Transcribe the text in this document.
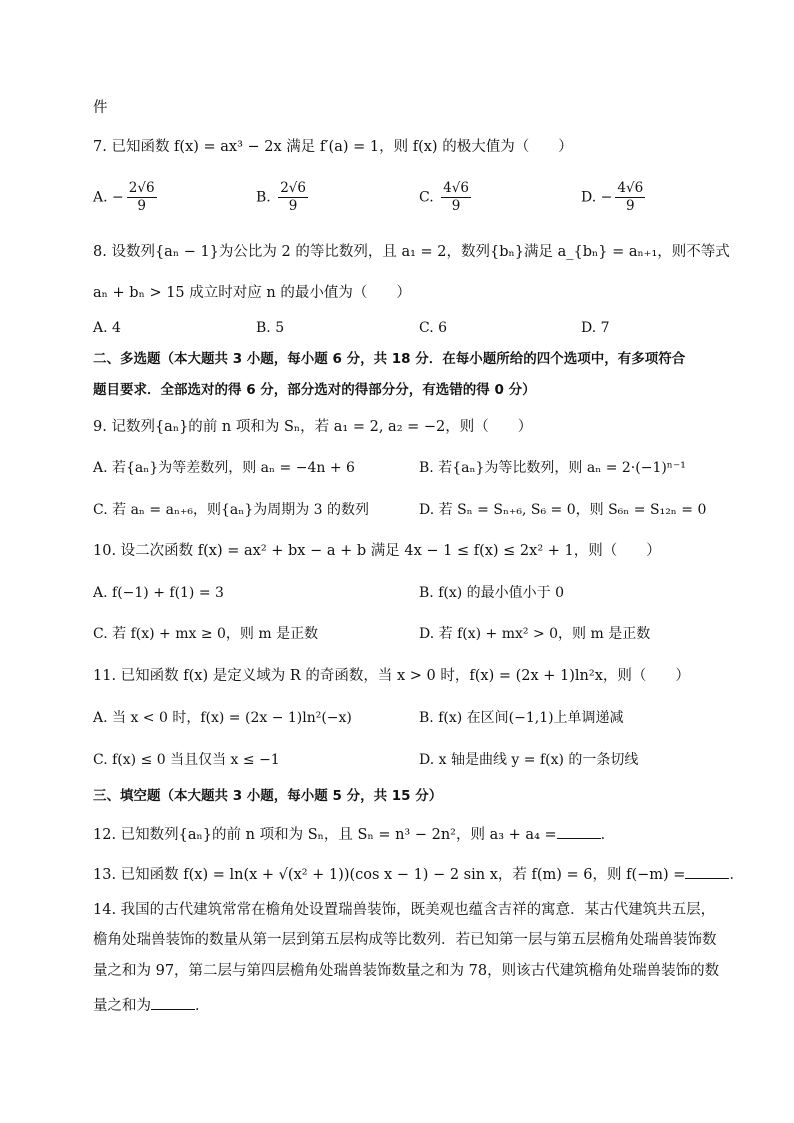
件
7. 已知函数 f(x) = ax³ − 2x 满足 f′(a) = 1，则 f(x) 的极大值为（　　）
A. − $\frac{2√6}{9}$	B. $\frac{2√6}{9}$	C. $\frac{4√6}{9}$	D. − $\frac{4√6}{9}$
8. 设数列{aₙ − 1}为公比为 2 的等比数列，且 a₁ = 2，数列{bₙ}满足 a_{bₙ} = aₙ₊₁，则不等式
aₙ + bₙ > 15 成立时对应 n 的最小值为（　　）
A. 4	B. 5	C. 6	D. 7
二、多选题（本大题共 3 小题，每小题 6 分，共 18 分．在每小题所给的四个选项中，有多项符合
题目要求．全部选对的得 6 分，部分选对的得部分分，有选错的得 0 分）
9. 记数列{aₙ}的前 n 项和为 Sₙ，若 a₁ = 2, a₂ = −2，则（　　）
A. 若{aₙ}为等差数列，则 aₙ = −4n + 6	B. 若{aₙ}为等比数列，则 aₙ = 2·(−1)ⁿ⁻¹
C. 若 aₙ = aₙ₊₆，则{aₙ}为周期为 3 的数列	D. 若 Sₙ = Sₙ₊₆, S₆ = 0，则 S₆ₙ = S₁₂ₙ = 0
10. 设二次函数 f(x) = ax² + bx − a + b 满足 4x − 1 ≤ f(x) ≤ 2x² + 1，则（　　）
A. f(−1) + f(1) = 3	B. f(x) 的最小值小于 0
C. 若 f(x) + mx ≥ 0，则 m 是正数	D. 若 f(x) + mx² > 0，则 m 是正数
11. 已知函数 f(x) 是定义域为 R 的奇函数，当 x > 0 时，f(x) = (2x + 1)ln²x，则（　　）
A. 当 x < 0 时，f(x) = (2x − 1)ln²(−x)	B. f(x) 在区间(−1,1)上单调递减
C. f(x) ≤ 0 当且仅当 x ≤ −1	D. x 轴是曲线 y = f(x) 的一条切线
三、填空题（本大题共 3 小题，每小题 5 分，共 15 分）
12. 已知数列{aₙ}的前 n 项和为 Sₙ，且 Sₙ = n³ − 2n²，则 a₃ + a₄ =	．
13. 已知函数 f(x) = ln(x + √(x² + 1))(cos x − 1) − 2 sin x，若 f(m) = 6，则 f(−m) =	．
14. 我国的古代建筑常常在檐角处设置瑞兽装饰，既美观也蕴含吉祥的寓意．某古代建筑共五层，
檐角处瑞兽装饰的数量从第一层到第五层构成等比数列．若已知第一层与第五层檐角处瑞兽装饰数
量之和为 97，第二层与第四层檐角处瑞兽装饰数量之和为 78，则该古代建筑檐角处瑞兽装饰的数
量之和为	．
